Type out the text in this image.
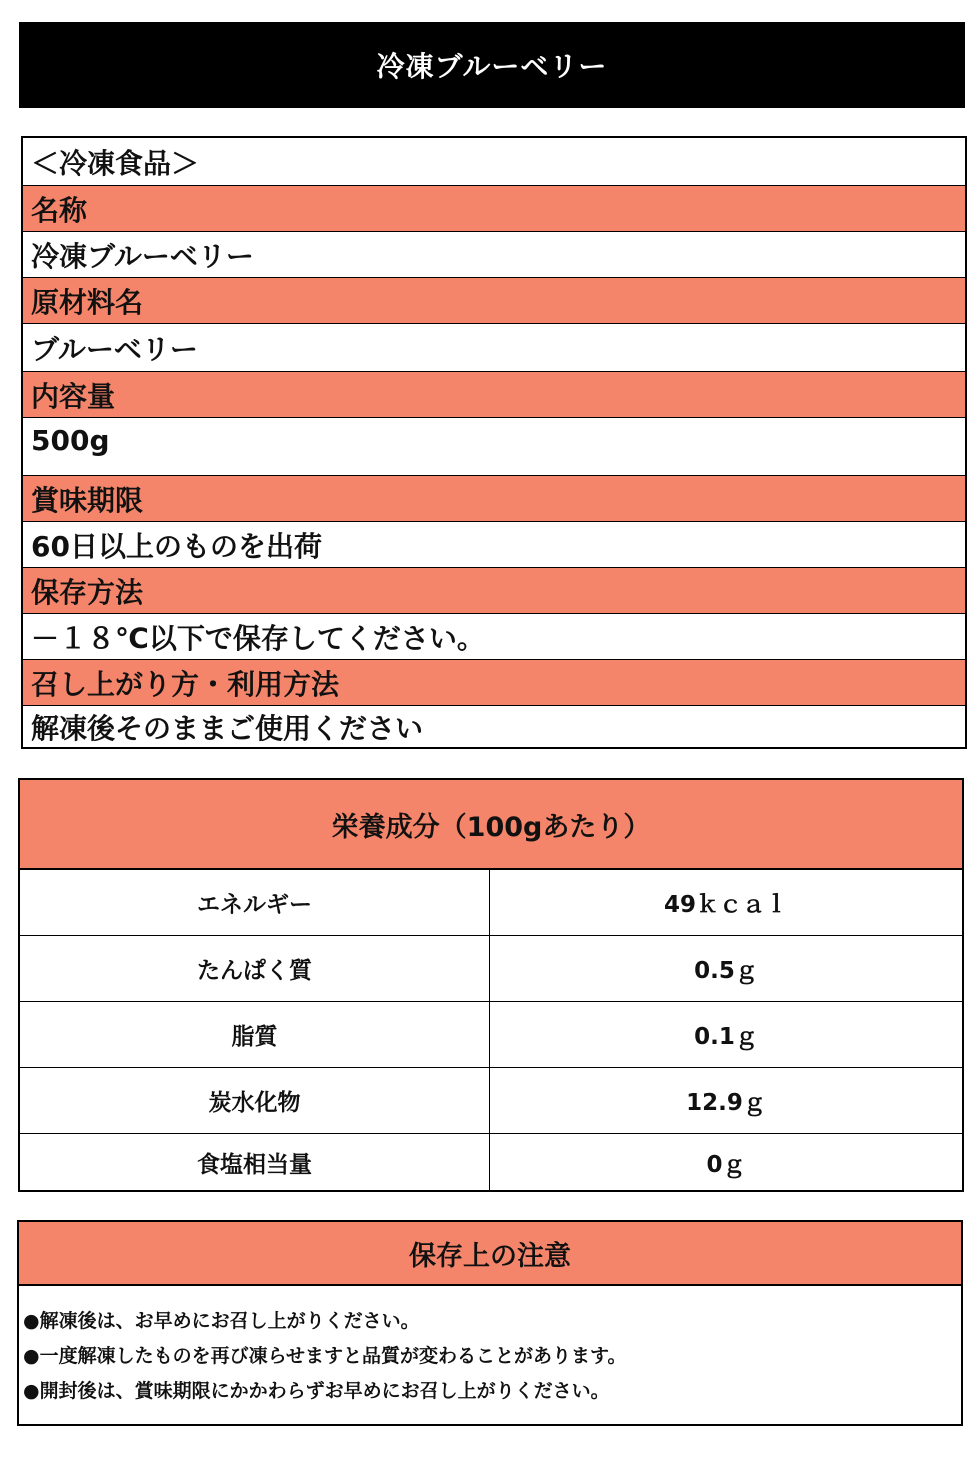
冷凍ブルーベリー
＜冷凍食品＞
名称
冷凍ブルーベリー
原材料名
ブルーベリー
内容量
500g
賞味期限
60日以上のものを出荷
保存方法
－１８℃以下で保存してください。
召し上がり方・利用方法
解凍後そのままご使用ください
栄養成分（100gあたり）
エネルギー	49ｋｃａｌ
たんぱく質	0.5ｇ
脂質	0.1ｇ
炭水化物	12.9ｇ
食塩相当量	0ｇ
保存上の注意
●解凍後は、お早めにお召し上がりください。
●一度解凍したものを再び凍らせますと品質が変わることがあります。
●開封後は、賞味期限にかかわらずお早めにお召し上がりください。
